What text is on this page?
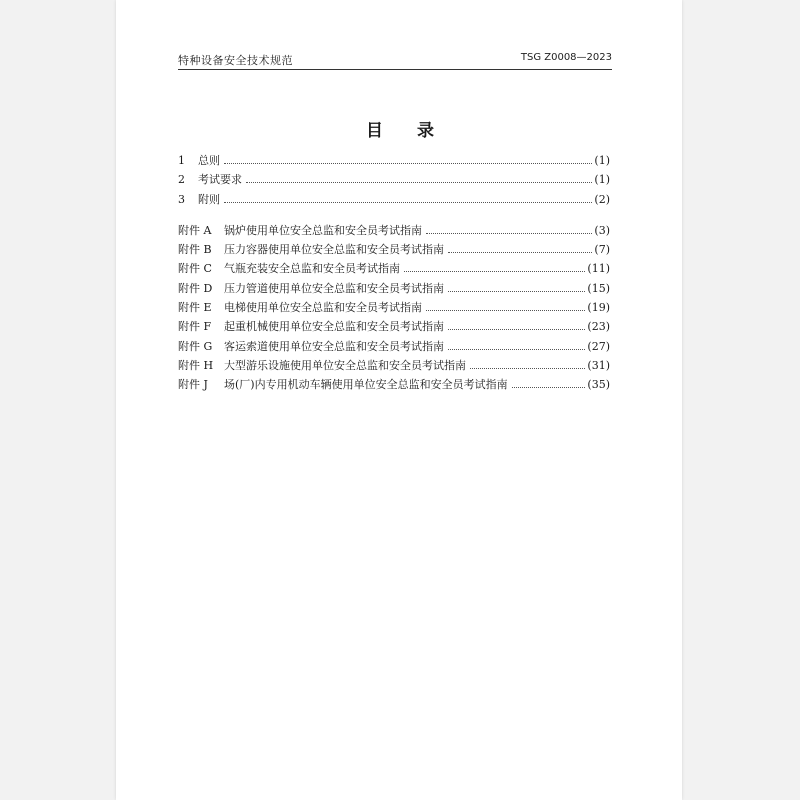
特种设备安全技术规范	TSG Z0008—2023
目 录
1	总则	(1)
2	考试要求	(1)
3	附则	(2)
附件 A	锅炉使用单位安全总监和安全员考试指南	(3)
附件 B	压力容器使用单位安全总监和安全员考试指南	(7)
附件 C	气瓶充装安全总监和安全员考试指南	(11)
附件 D	压力管道使用单位安全总监和安全员考试指南	(15)
附件 E	电梯使用单位安全总监和安全员考试指南	(19)
附件 F	起重机械使用单位安全总监和安全员考试指南	(23)
附件 G	客运索道使用单位安全总监和安全员考试指南	(27)
附件 H 大型游乐设施使用单位安全总监和安全员考试指南	(31)
附件 J	场(厂)内专用机动车辆使用单位安全总监和安全员考试指南	(35)
